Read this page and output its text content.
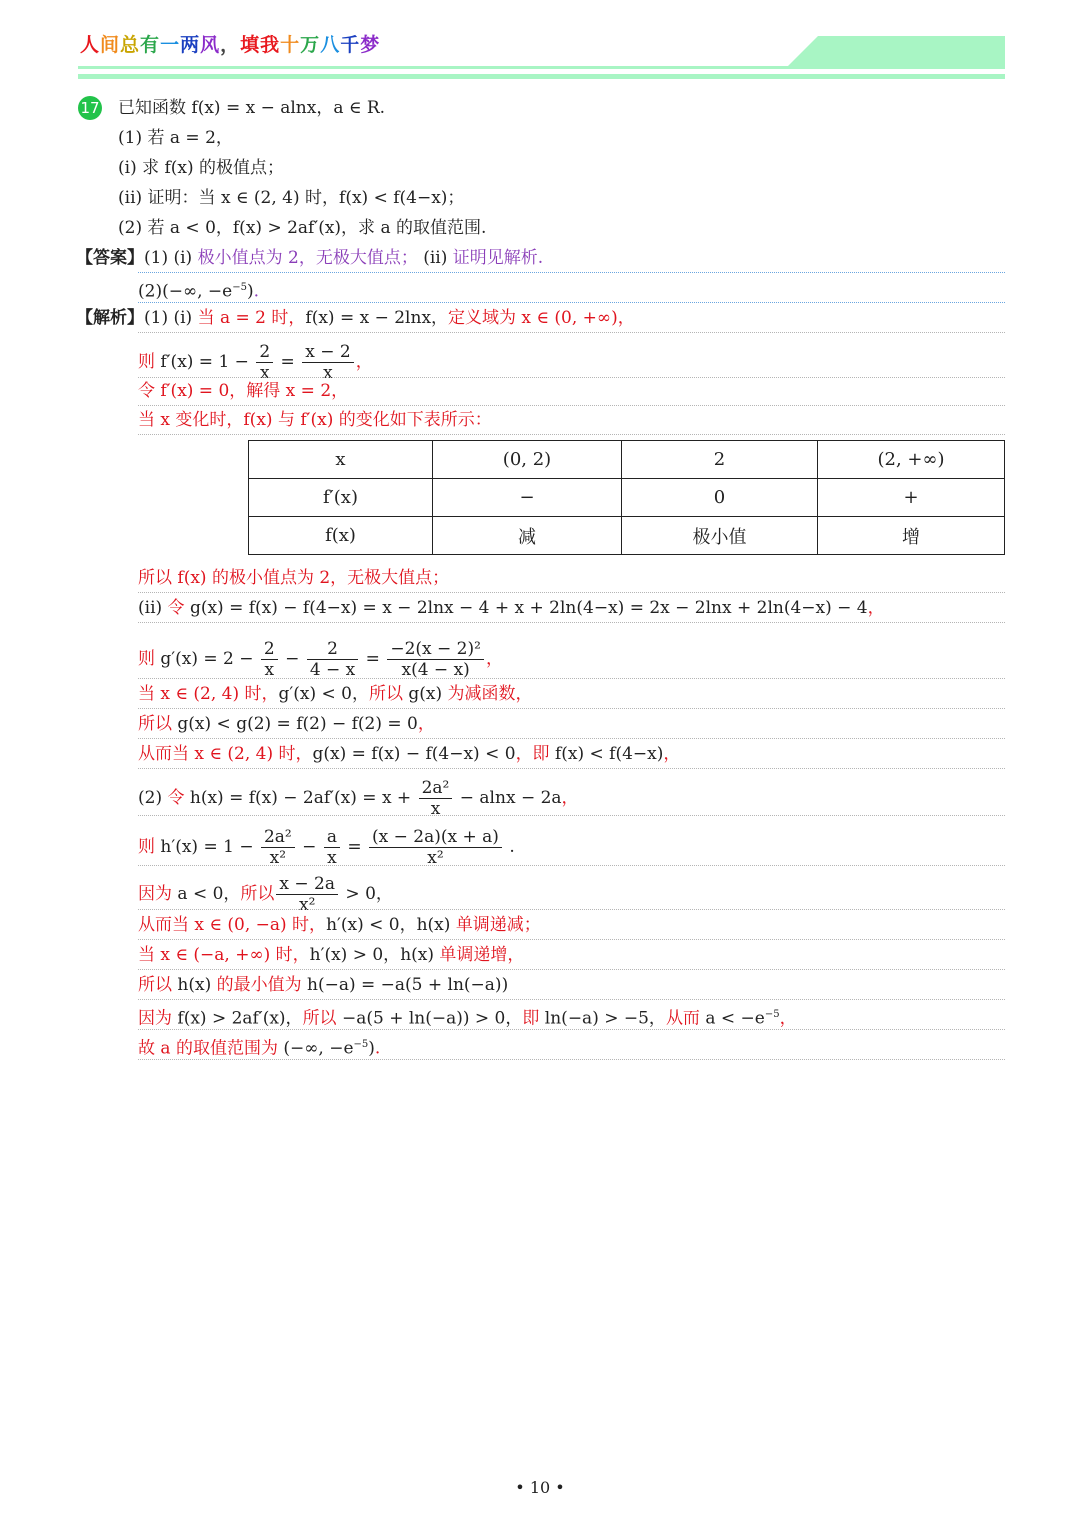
人间总有一两风，填我十万八千梦
17 已知函数 f(x) = x − alnx，a ∈ R.
(1) 若 a = 2，
(i) 求 f(x) 的极值点；
(ii) 证明：当 x ∈ (2, 4) 时，f(x) < f(4−x)；
(2) 若 a < 0，f(x) > 2af′(x)，求 a 的取值范围.
【答案】(1) (i) 极小值点为 2，无极大值点； (ii) 证明见解析.
(2)(−∞, $-e^{-5}$).
【解析】(1) (i) 当 a = 2 时，f(x) = x − 2lnx，定义域为 x ∈ (0, +∞)，
则 $f'(x) = 1 - \frac{2}{x} = \frac{x - 2}{x}$ ，
令 f′(x) = 0，解得 x = 2，
当 x 变化时，f(x) 与 f′(x) 的变化如下表所示：
x	(0, 2)	2	(2, +∞)
f′(x)	−	0	+
f(x)	减	极小值	增
所以 f(x) 的极小值点为 2，无极大值点；
(ii) 令 g(x) = f(x) − f(4−x) = x − 2lnx − 4 + x + 2ln(4−x) = 2x − 2lnx + 2ln(4−x) − 4，
则 $g'(x) = 2 - \frac{2}{x} - \frac{2}{4 - x} = \frac{\text{−2(x − 2)²}}{x(4 - x)}$ ，
当 x ∈ (2, 4) 时，g′(x) < 0，所以 g(x) 为减函数，
所以 g(x) < g(2) = f(2) − f(2) = 0，
从而当 x ∈ (2, 4) 时，g(x) = f(x) − f(4−x) < 0，即 f(x) < f(4−x)，
(2) 令 $h(x) = f(x) - 2af'(x) = x + \frac{\text{2a²}}{x} - alnx - 2a$，
则 $h'(x) = 1 - \frac{\text{2a²}}{\text{x²}} - \frac{a}{x} = \frac{(x - 2a)(x + a)}{\text{x²}}$ .
因为 a < 0，所以 $\frac{x - 2a}{\text{x²}} > 0$，
从而当 x ∈ (0, −a) 时，h′(x) < 0，h(x) 单调递减；
当 x ∈ (−a, +∞) 时，h′(x) > 0，h(x) 单调递增，
所以 h(x) 的最小值为 h(−a) = −a(5 + ln(−a))
因为 f(x) > 2af′(x)，所以 −a(5 + ln(−a)) > 0，即 ln(−a) > −5，从而 $a < -e^{-5}$，
故 a 的取值范围为 (−∞, $-e^{-5}$).
• 10 •
